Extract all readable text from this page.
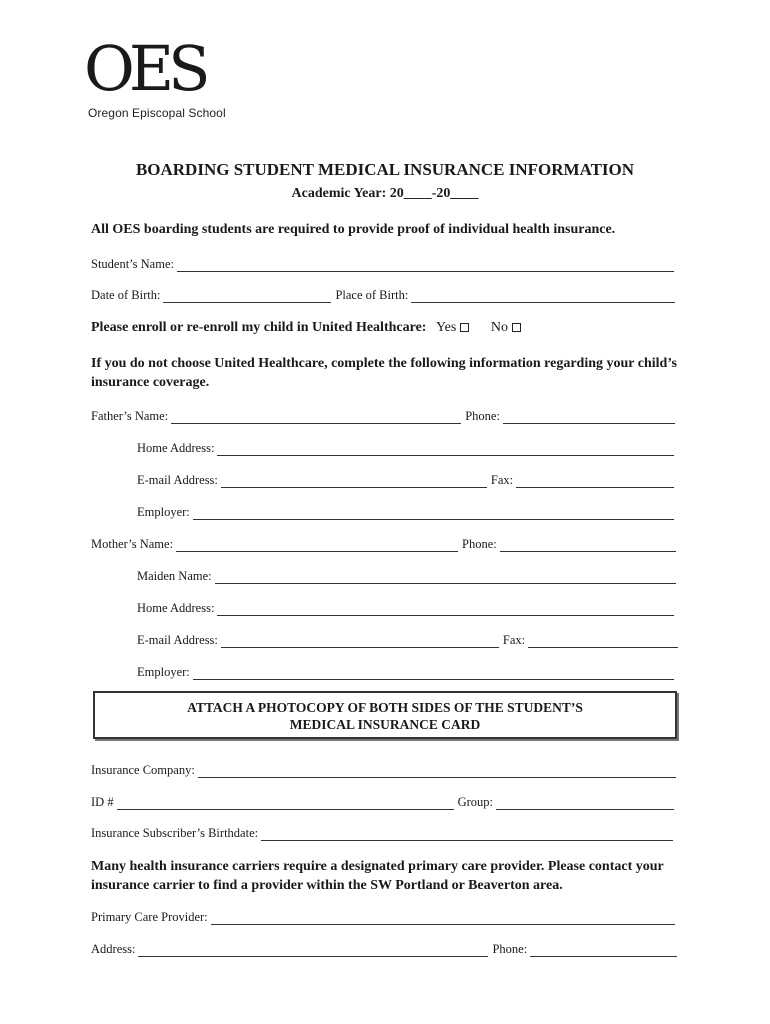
OES
Oregon Episcopal School
BOARDING STUDENT MEDICAL INSURANCE INFORMATION
Academic Year: 20____-20____
All OES boarding students are required to provide proof of individual health insurance.
Student’s Name:
Date of Birth:	Place of Birth:
Please enroll or re-enroll my child in United Healthcare: Yes No
If you do not choose United Healthcare, complete the following information regarding your child’s insurance coverage.
Father’s Name:	Phone:
Home Address:
E-mail Address:	Fax:
Employer:
Mother’s Name:	Phone:
Maiden Name:
Home Address:
E-mail Address:	Fax:
Employer:
ATTACH A PHOTOCOPY OF BOTH SIDES OF THE STUDENT’S
MEDICAL INSURANCE CARD
Insurance Company:
ID #	Group:
Insurance Subscriber’s Birthdate:
Many health insurance carriers require a designated primary care provider. Please contact your insurance carrier to find a provider within the SW Portland or Beaverton area.
Primary Care Provider:
Address:	Phone:
